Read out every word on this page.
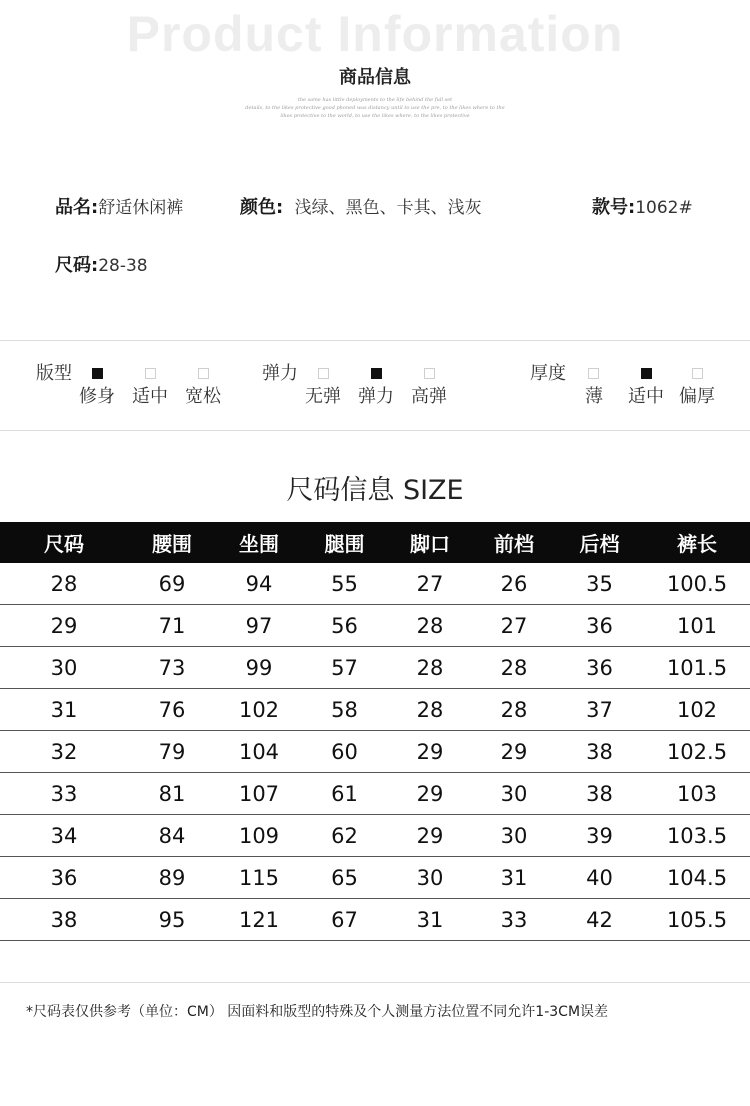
Product Information
商品信息
the same has little deployments to the life behind the full set
details, to the likes protective good phoned was distancy until to use the pre, to the likes where to the
likes protective to the world, to use the likes where, to the likes protective
品名:舒适休闲裤	颜色: 浅绿、黑色、卡其、浅灰	款号:1062#
尺码:28-38
版型
修身 适中 宽松
弹力
无弹 弹力 高弹
厚度
薄 适中 偏厚
尺码信息 SIZE
尺码	腰围	坐围	腿围	脚口	前档	后档	裤长
28	69	94	55	27	26	35	100.5
29	71	97	56	28	27	36	101
30	73	99	57	28	28	36	101.5
31	76	102	58	28	28	37	102
32	79	104	60	29	29	38	102.5
33	81	107	61	29	30	38	103
34	84	109	62	29	30	39	103.5
36	89	115	65	30	31	40	104.5
38	95	121	67	31	33	42	105.5
*尺码表仅供参考（单位：CM） 因面料和版型的特殊及个人测量方法位置不同允许1-3CM误差
